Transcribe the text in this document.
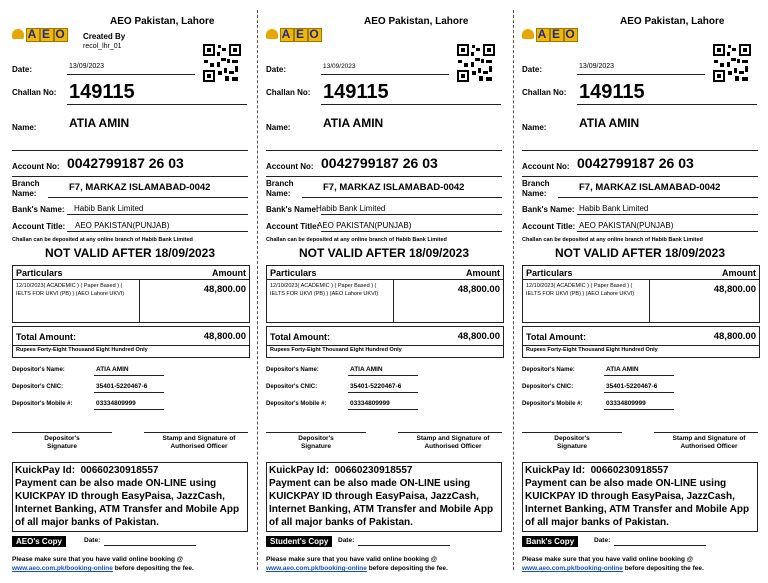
A E O
AEO Pakistan, Lahore
Created By
recol_lhr_01
Date:	13/09/2023
Challan No: 149115
Name:	ATIA AMIN
Account No: 0042799187 26 03
Branch Name:
F7, MARKAZ ISLAMABAD-0042
Bank's Name: Habib Bank Limited
Account Title: AEO PAKISTAN(PUNJAB)
Challan can be deposited at any online branch of Habib Bank Limited
NOT VALID AFTER 18/09/2023
Particulars	Amount
12/10/2023( ACADEMIC ) ( Paper Based ) ( IELTS FOR UKVI (PB) ) (AEO Lahore UKVI)	48,800.00
Total Amount:	48,800.00
Rupees Forty-Eight Thousand Eight Hundred Only
Depositor's Name:	ATIA AMIN
Depositor's CNIC:	35401-5220467-6
Depositor's Mobile #:	03334809999
Depositor's Signature
Stamp and Signature of Authorised Officer
KuickPay Id: 00660230918557
Payment can be also made ON-LINE using KUICKPAY ID through EasyPaisa, JazzCash, Internet Banking, ATM Transfer and Mobile App of all major banks of Pakistan.
AEO's Copy	Date:
Please make sure that you have valid online booking @
www.aeo.com.pk/booking-online before depositing the fee.
A E O
AEO Pakistan, Lahore
Date:	13/09/2023
Challan No: 149115
Name:	ATIA AMIN
Account No: 0042799187 26 03
Branch Name:
F7, MARKAZ ISLAMABAD-0042
Bank's Name:
Habib Bank Limited
Account Title:
AEO PAKISTAN(PUNJAB)
Challan can be deposited at any online branch of Habib Bank Limited
NOT VALID AFTER 18/09/2023
Particulars	Amount
12/10/2023( ACADEMIC ) ( Paper Based ) ( IELTS FOR UKVI (PB) ) (AEO Lahore UKVI)	48,800.00
Total Amount:	48,800.00
Rupees Forty-Eight Thousand Eight Hundred Only
Depositor's Name:	ATIA AMIN
Depositor's CNIC:	35401-5220467-6
Depositor's Mobile #:	03334809999
Depositor's Signature
Stamp and Signature of Authorised Officer
KuickPay Id: 00660230918557
Payment can be also made ON-LINE using KUICKPAY ID through EasyPaisa, JazzCash, Internet Banking, ATM Transfer and Mobile App of all major banks of Pakistan.
Student's Copy	Date:
Please make sure that you have valid online booking @
www.aeo.com.pk/booking-online before depositing the fee.
A E O
AEO Pakistan, Lahore
Date:	13/09/2023
Challan No: 149115
Name:	ATIA AMIN
Account No: 0042799187 26 03
Branch Name:
F7, MARKAZ ISLAMABAD-0042
Bank's Name: Habib Bank Limited
Account Title: AEO PAKISTAN(PUNJAB)
Challan can be deposited at any online branch of Habib Bank Limited
NOT VALID AFTER 18/09/2023
Particulars	Amount
12/10/2023( ACADEMIC ) ( Paper Based ) ( IELTS FOR UKVI (PB) ) (AEO Lahore UKVI)	48,800.00
Total Amount:	48,800.00
Rupees Forty-Eight Thousand Eight Hundred Only
Depositor's Name:	ATIA AMIN
Depositor's CNIC:	35401-5220467-6
Depositor's Mobile #:	03334809999
Depositor's Signature
Stamp and Signature of Authorised Officer
KuickPay Id: 00660230918557
Payment can be also made ON-LINE using KUICKPAY ID through EasyPaisa, JazzCash, Internet Banking, ATM Transfer and Mobile App of all major banks of Pakistan.
Bank's Copy	Date:
Please make sure that you have valid online booking @
www.aeo.com.pk/booking-online before depositing the fee.
